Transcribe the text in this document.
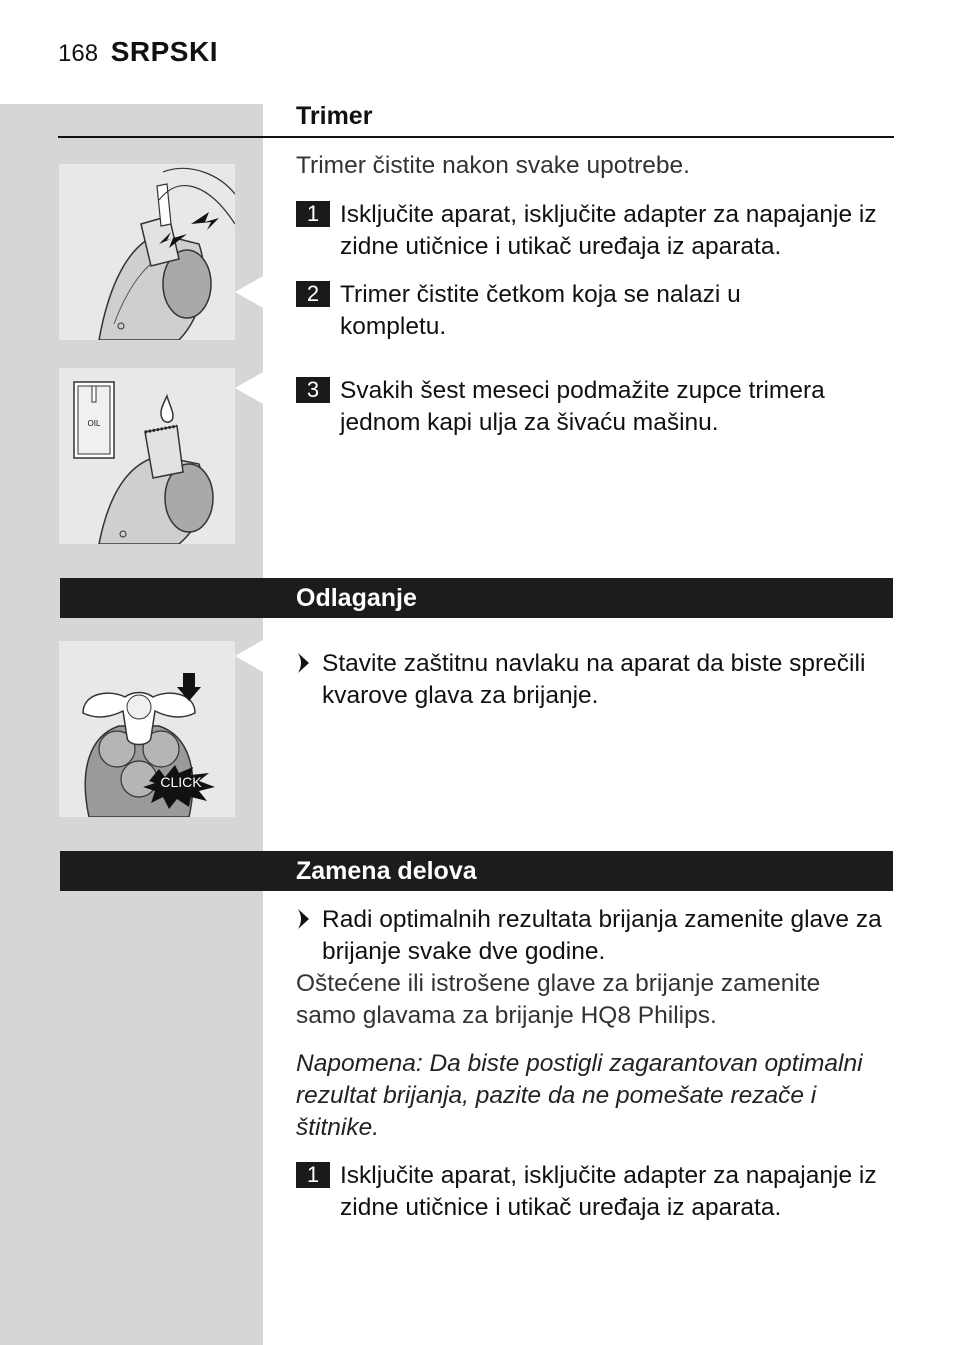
168 SRPSKI
Trimer
Trimer čistite nakon svake upotrebe.
1 Isključite aparat, isključite adapter za napajanje iz zidne utičnice i utikač uređaja iz aparata.
2 Trimer čistite četkom koja se nalazi u kompletu.
3 Svakih šest meseci podmažite zupce trimera jednom kapi ulja za šivaću mašinu.
OIL
Odlaganje
Stavite zaštitnu navlaku na aparat da biste sprečili kvarove glava za brijanje.
CLICK
Zamena delova
Radi optimalnih rezultata brijanja zamenite glave za brijanje svake dve godine.
Oštećene ili istrošene glave za brijanje zamenite samo glavama za brijanje HQ8 Philips.
Napomena: Da biste postigli zagarantovan optimalni rezultat brijanja, pazite da ne pomešate rezače i štitnike.
1 Isključite aparat, isključite adapter za napajanje iz zidne utičnice i utikač uređaja iz aparata.
